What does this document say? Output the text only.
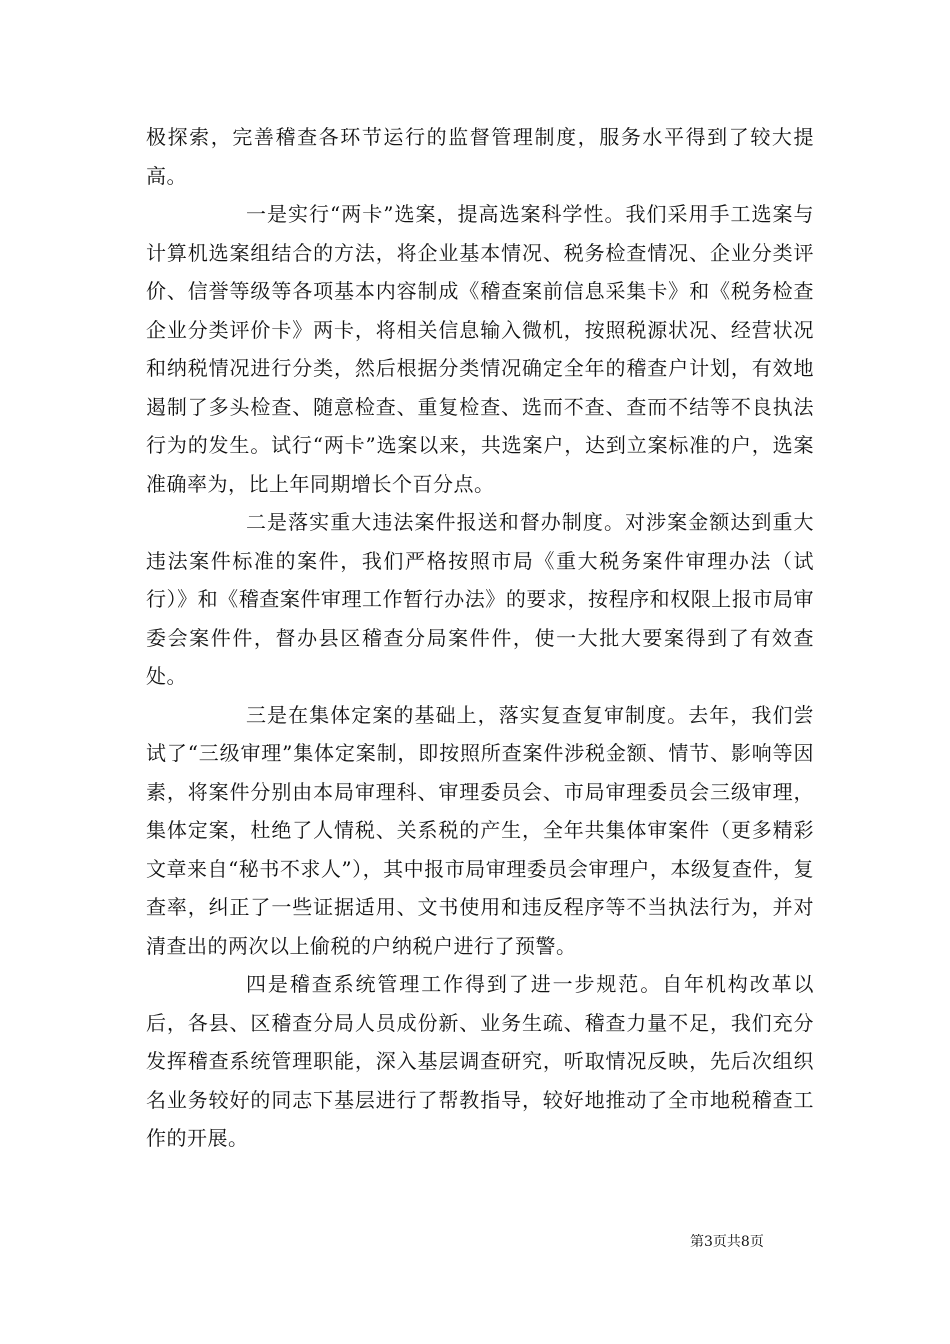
极探索，完善稽查各环节运行的监督管理制度，服务水平得到了较大提高。

一是实行“两卡”选案，提高选案科学性。我们采用手工选案与计算机选案组结合的方法，将企业基本情况、税务检查情况、企业分类评价、信誉等级等各项基本内容制成《稽查案前信息采集卡》和《税务检查企业分类评价卡》两卡，将相关信息输入微机，按照税源状况、经营状况和纳税情况进行分类，然后根据分类情况确定全年的稽查户计划，有效地遏制了多头检查、随意检查、重复检查、选而不查、查而不结等不良执法行为的发生。试行“两卡”选案以来，共选案户，达到立案标准的户，选案准确率为，比上年同期增长个百分点。

二是落实重大违法案件报送和督办制度。对涉案金额达到重大违法案件标准的案件，我们严格按照市局《重大税务案件审理办法（试行）》和《稽查案件审理工作暂行办法》的要求，按程序和权限上报市局审委会案件件，督办县区稽查分局案件件，使一大批大要案得到了有效查处。

三是在集体定案的基础上，落实复查复审制度。去年，我们尝试了“三级审理”集体定案制，即按照所查案件涉税金额、情节、影响等因素，将案件分别由本局审理科、审理委员会、市局审理委员会三级审理，集体定案，杜绝了人情税、关系税的产生，全年共集体审案件（更多精彩文章来自“秘书不求人”），其中报市局审理委员会审理户，本级复查件，复查率，纠正了一些证据适用、文书使用和违反程序等不当执法行为，并对清查出的两次以上偷税的户纳税户进行了预警。

四是稽查系统管理工作得到了进一步规范。自年机构改革以后，各县、区稽查分局人员成份新、业务生疏、稽查力量不足，我们充分发挥稽查系统管理职能，深入基层调查研究，听取情况反映，先后次组织名业务较好的同志下基层进行了帮教指导，较好地推动了全市地税稽查工作的开展。

第3页共8页
